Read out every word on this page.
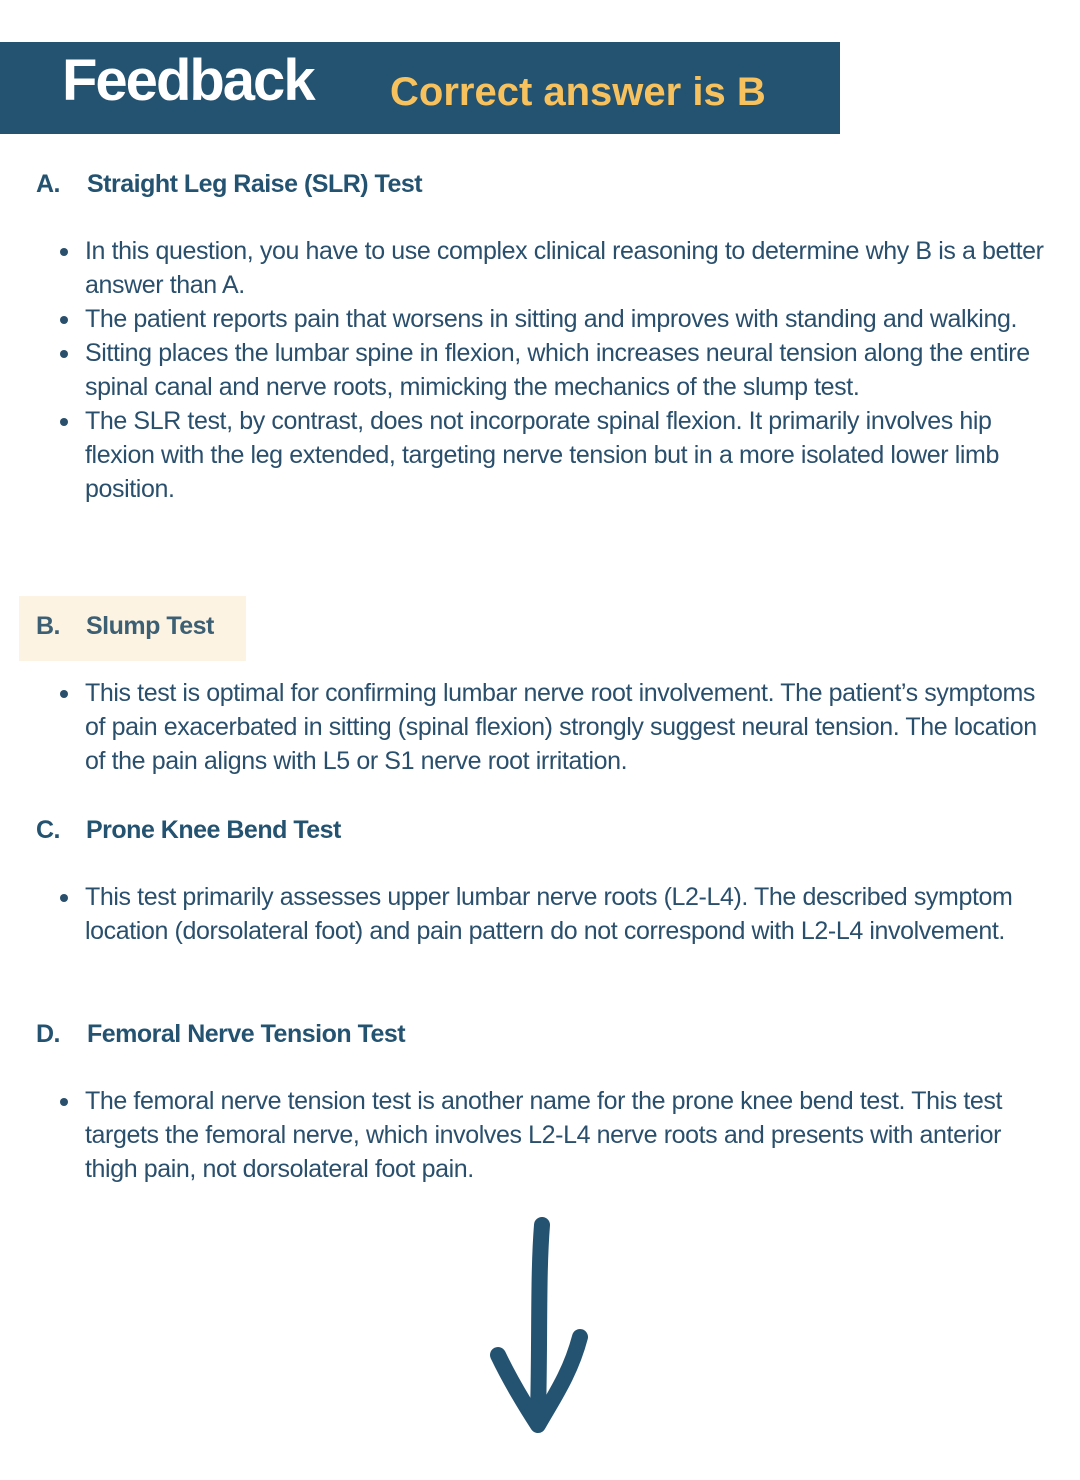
Feedback Correct answer is B
A. Straight Leg Raise (SLR) Test
In this question, you have to use complex clinical reasoning to determine why B is a better answer than A.
The patient reports pain that worsens in sitting and improves with standing and walking.
Sitting places the lumbar spine in flexion, which increases neural tension along the entire spinal canal and nerve roots, mimicking the mechanics of the slump test.
The SLR test, by contrast, does not incorporate spinal flexion. It primarily involves hip flexion with the leg extended, targeting nerve tension but in a more isolated lower limb position.
B. Slump Test
This test is optimal for confirming lumbar nerve root involvement. The patient’s symptoms of pain exacerbated in sitting (spinal flexion) strongly suggest neural tension. The location of the pain aligns with L5 or S1 nerve root irritation.
C. Prone Knee Bend Test
This test primarily assesses upper lumbar nerve roots (L2-L4). The described symptom location (dorsolateral foot) and pain pattern do not correspond with L2-L4 involvement.
D. Femoral Nerve Tension Test
The femoral nerve tension test is another name for the prone knee bend test. This test targets the femoral nerve, which involves L2-L4 nerve roots and presents with anterior thigh pain, not dorsolateral foot pain.
